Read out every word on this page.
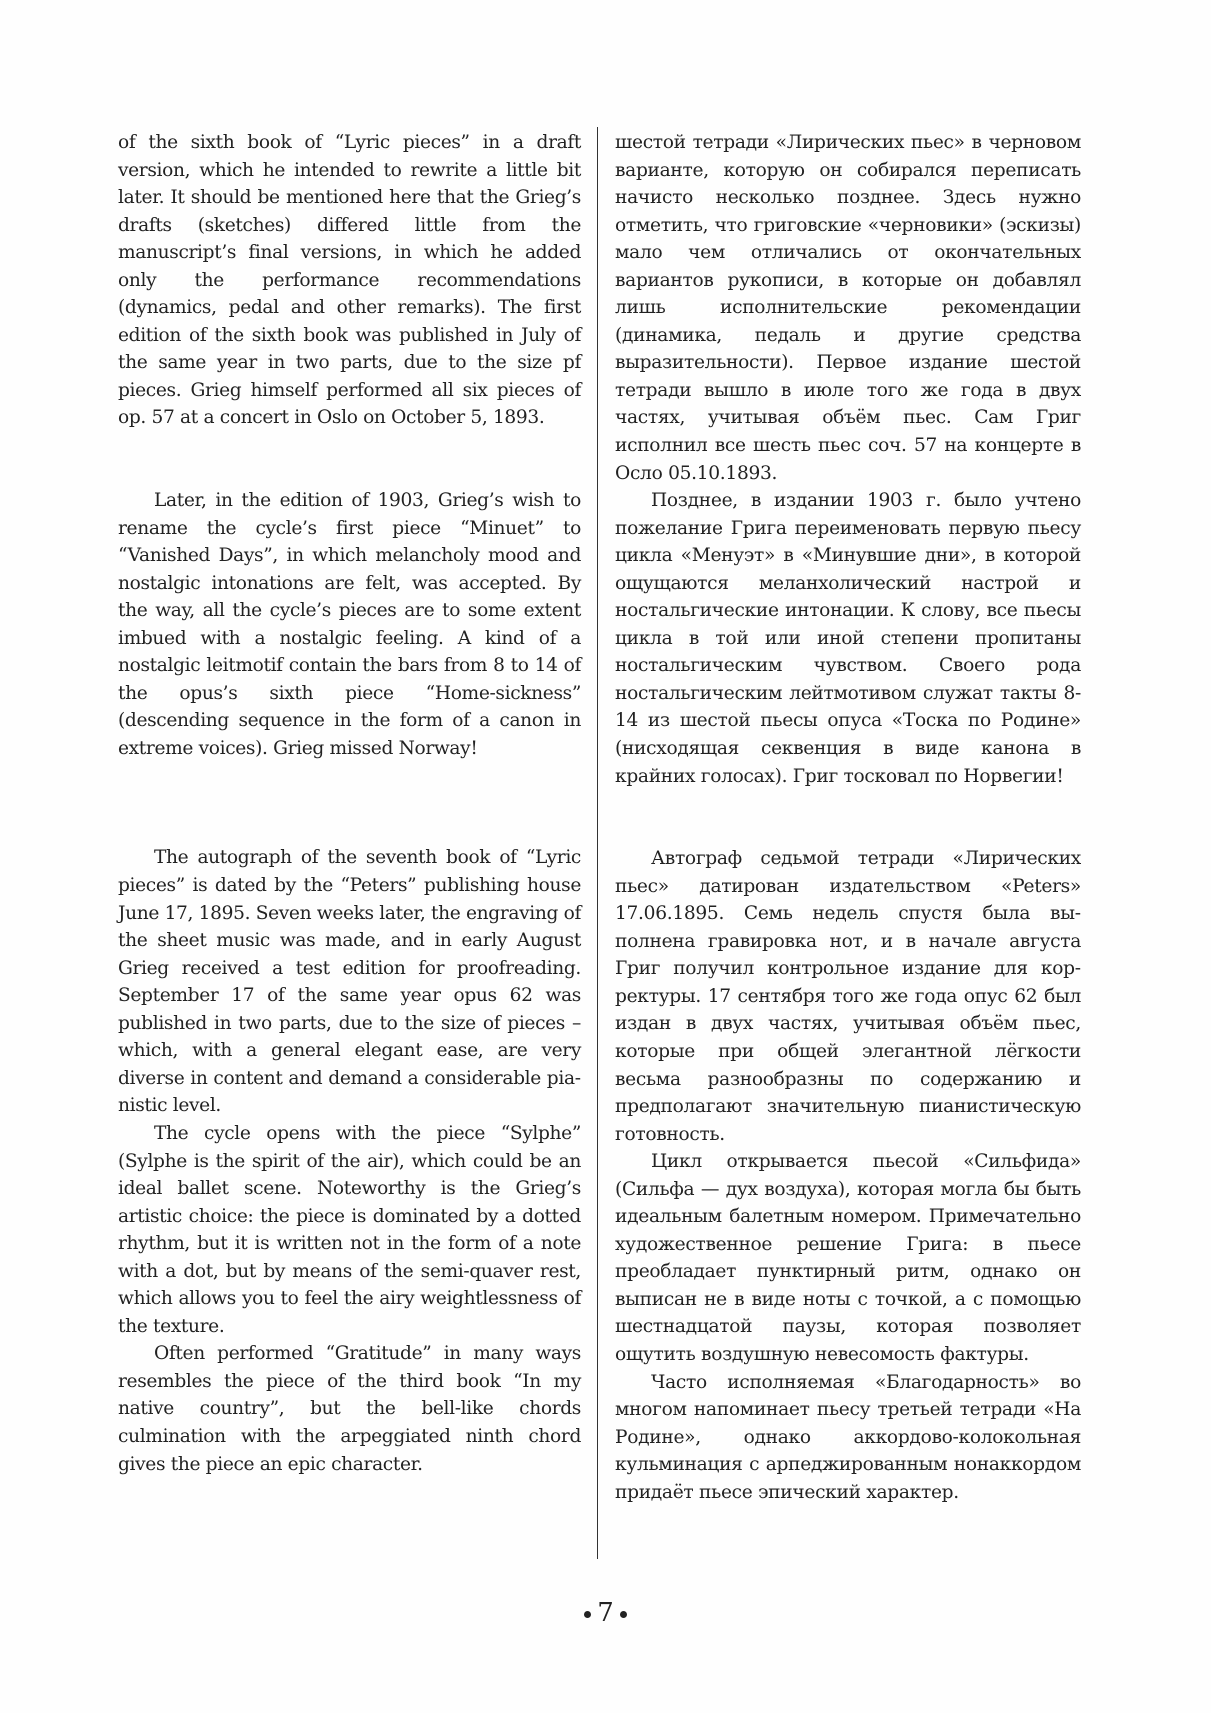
of the sixth book of “Lyric pieces” in a draft version, which he intended to rewrite a little bit later. It should be mentioned here that the Grieg’s drafts (sketches) differed little from the manuscript’s final versions, in which he added only the performance recommendations (dynamics, pedal and other remarks). The first edition of the sixth book was published in July of the same year in two parts, due to the size pf pieces. Grieg himself performed all six pieces of op. 57 at a concert in Oslo on October 5, 1893.

Later, in the edition of 1903, Grieg’s wish to rename the cycle’s first piece “Minuet” to “Vanished Days”, in which melancholy mood and nostalgic intonations are felt, was accepted. By the way, all the cycle’s pieces are to some extent imbued with a nostalgic feeling. A kind of a nostalgic leitmotif contain the bars from 8 to 14 of the opus’s sixth piece “Home-sickness” (descending sequence in the form of a canon in extreme voices). Grieg missed Norway!

The autograph of the seventh book of “Lyric pieces” is dated by the “Peters” publishing house June 17, 1895. Seven weeks later, the engraving of the sheet music was made, and in early August Grieg received a test edition for proofreading. September 17 of the same year opus 62 was published in two parts, due to the size of pieces – which, with a general elegant ease, are very diverse in content and demand a considerable pianistic level.

The cycle opens with the piece “Sylphe” (Sylphe is the spirit of the air), which could be an ideal ballet scene. Noteworthy is the Grieg’s artistic choice: the piece is dominated by a dotted rhythm, but it is written not in the form of a note with a dot, but by means of the semi-quaver rest, which allows you to feel the airy weightlessness of the texture.

Often performed “Gratitude” in many ways resembles the piece of the third book “In my native country”, but the bell-like chords culmination with the arpeggiated ninth chord gives the piece an epic character.

шестой тетради «Лирических пьес» в черновом варианте, которую он собирался переписать начисто несколько позднее. Здесь нужно отметить, что григовские «черновики» (эскизы) мало чем отличались от окончательных вариантов рукописи, в которые он добавлял лишь исполнительские рекомендации (динамика, педаль и другие средства выразительности). Первое издание шестой тетради вышло в июле того же года в двух частях, учитывая объём пьес. Сам Григ исполнил все шесть пьес соч. 57 на концерте в Осло 05.10.1893.

Позднее, в издании 1903 г. было учтено пожелание Грига переименовать первую пьесу цикла «Менуэт» в «Минувшие дни», в которой ощущаются меланхолический настрой и ностальгические интонации. К слову, все пьесы цикла в той или иной степени пропитаны ностальгическим чувством. Своего рода ностальгическим лейтмотивом служат такты 8-14 из шестой пьесы опуса «Тоска по Родине» (нисходящая секвенция в виде канона в крайних голосах). Григ тосковал по Норвегии!

Автограф седьмой тетради «Лирических пьес» датирован издательством «Peters» 17.06.1895. Семь недель спустя была выполнена гравировка нот, и в начале августа Григ получил контрольное издание для корректуры. 17 сентября того же года опус 62 был издан в двух частях, учитывая объём пьес, которые при общей элегантной лёгкости весьма разнообразны по содержанию и предполагают значительную пианистическую готовность.

Цикл открывается пьесой «Сильфида» (Сильфа — дух воздуха), которая могла бы быть идеальным балетным номером. Примечательно художественное решение Грига: в пьесе преобладает пунктирный ритм, однако он выписан не в виде ноты с точкой, а с помощью шестнадцатой паузы, которая позволяет ощутить воздушную невесомость фактуры.

Часто исполняемая «Благодарность» во многом напоминает пьесу третьей тетради «На Родине», однако аккордово-колокольная кульминация с арпеджированным нонаккордом придаёт пьесе эпический характер.

7
